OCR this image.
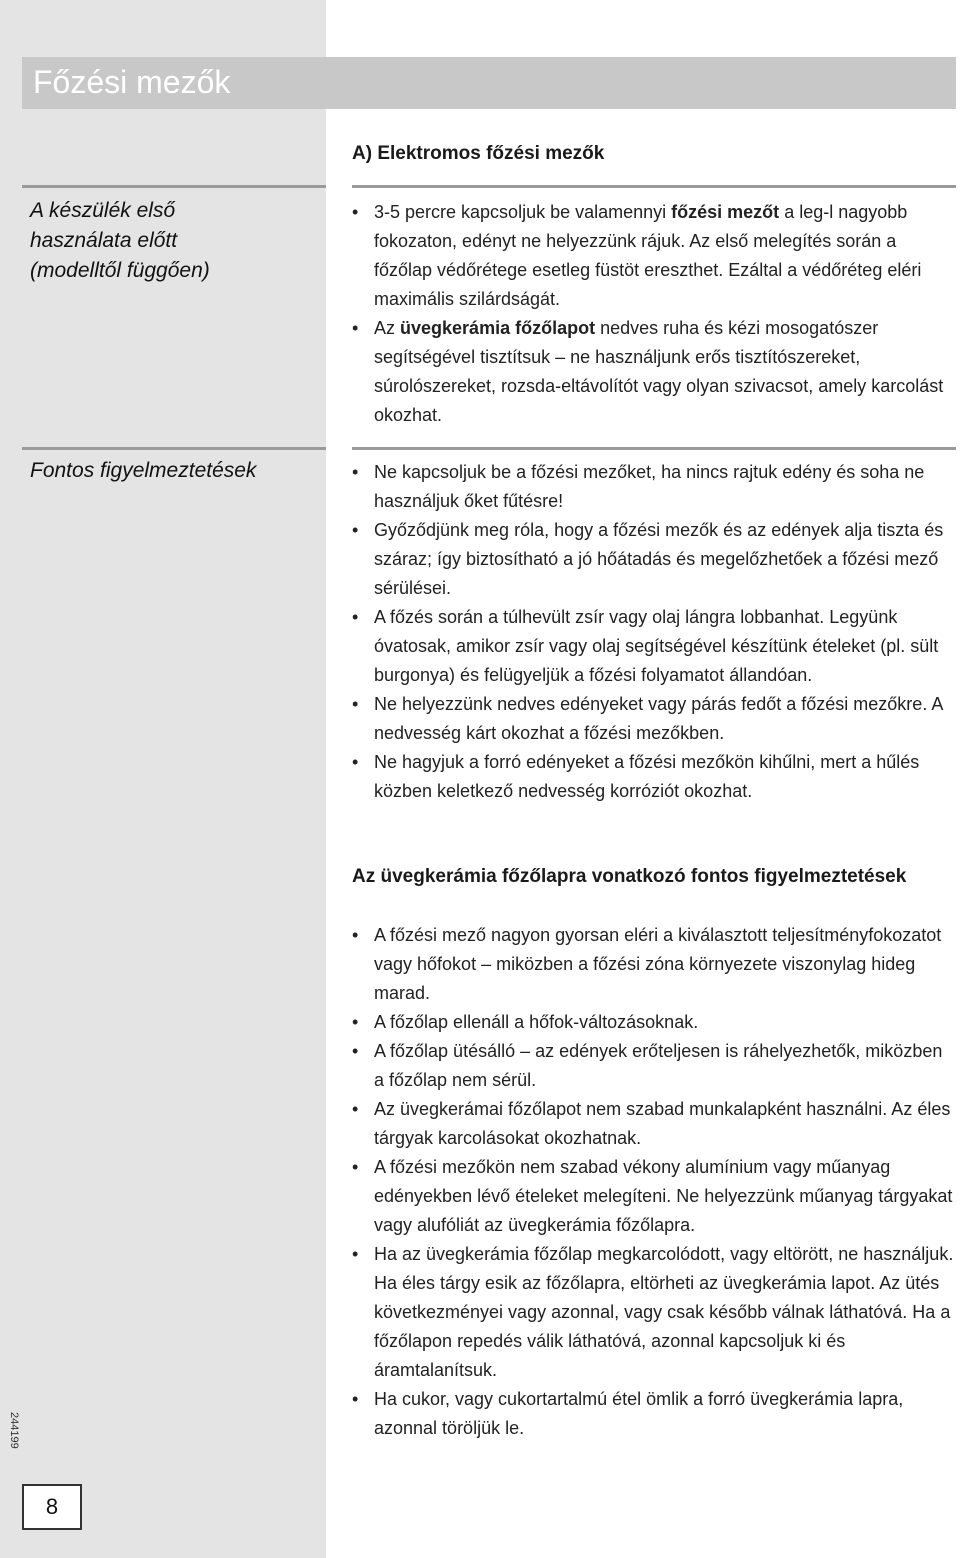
Főzési mezők
A) Elektromos főzési mezők
A készülék első
használata előtt
(modelltől függően)
• 3-5 percre kapcsoljuk be valamennyi főzési mezőt a leg-l nagyobb fokozaton, edényt ne helyezzünk rájuk. Az első melegítés során a főzőlap védőrétege esetleg füstöt ereszthet. Ezáltal a védőréteg eléri maximális szilárdságát.
• Az üvegkerámia főzőlapot nedves ruha és kézi mosogatószer segítségével tisztítsuk – ne használjunk erős tisztítószereket, súrolószereket, rozsda-eltávolítót vagy olyan szivacsot, amely karcolást okozhat.
Fontos figyelmeztetések	• Ne kapcsoljuk be a főzési mezőket, ha nincs rajtuk edény és soha ne használjuk őket fűtésre!
• Győződjünk meg róla, hogy a főzési mezők és az edények alja tiszta és száraz; így biztosítható a jó hőátadás és megelőzhetőek a főzési mező sérülései.
• A főzés során a túlhevült zsír vagy olaj lángra lobbanhat. Legyünk óvatosak, amikor zsír vagy olaj segítségével készítünk ételeket (pl. sült burgonya) és felügyeljük a főzési folyamatot állandóan.
• Ne helyezzünk nedves edényeket vagy párás fedőt a főzési mezőkre. A nedvesség kárt okozhat a főzési mezőkben.
• Ne hagyjuk a forró edényeket a főzési mezőkön kihűlni, mert a hűlés közben keletkező nedvesség korróziót okozhat.
Az üvegkerámia főzőlapra vonatkozó fontos figyelmeztetések
• A főzési mező nagyon gyorsan eléri a kiválasztott teljesítményfokozatot vagy hőfokot – miközben a főzési zóna környezete viszonylag hideg marad.
• A főzőlap ellenáll a hőfok-változásoknak.
• A főzőlap ütésálló – az edények erőteljesen is ráhelyezhetők, miközben a főzőlap nem sérül.
• Az üvegkerámai főzőlapot nem szabad munkalapként használni. Az éles tárgyak karcolásokat okozhatnak.
• A főzési mezőkön nem szabad vékony alumínium vagy műanyag edényekben lévő ételeket melegíteni. Ne helyezzünk műanyag tárgyakat vagy alufóliát az üvegkerámia főzőlapra.
• Ha az üvegkerámia főzőlap megkarcolódott, vagy eltörött, ne használjuk. Ha éles tárgy esik az főzőlapra, eltörheti az üvegkerámia lapot. Az ütés következményei vagy azonnal, vagy csak később válnak láthatóvá. Ha a főzőlapon repedés válik láthatóvá, azonnal kapcsoljuk ki és áramtalanítsuk.
• Ha cukor, vagy cukortartalmú étel ömlik a forró üvegkerámia lapra, azonnal töröljük le.
244199
8
